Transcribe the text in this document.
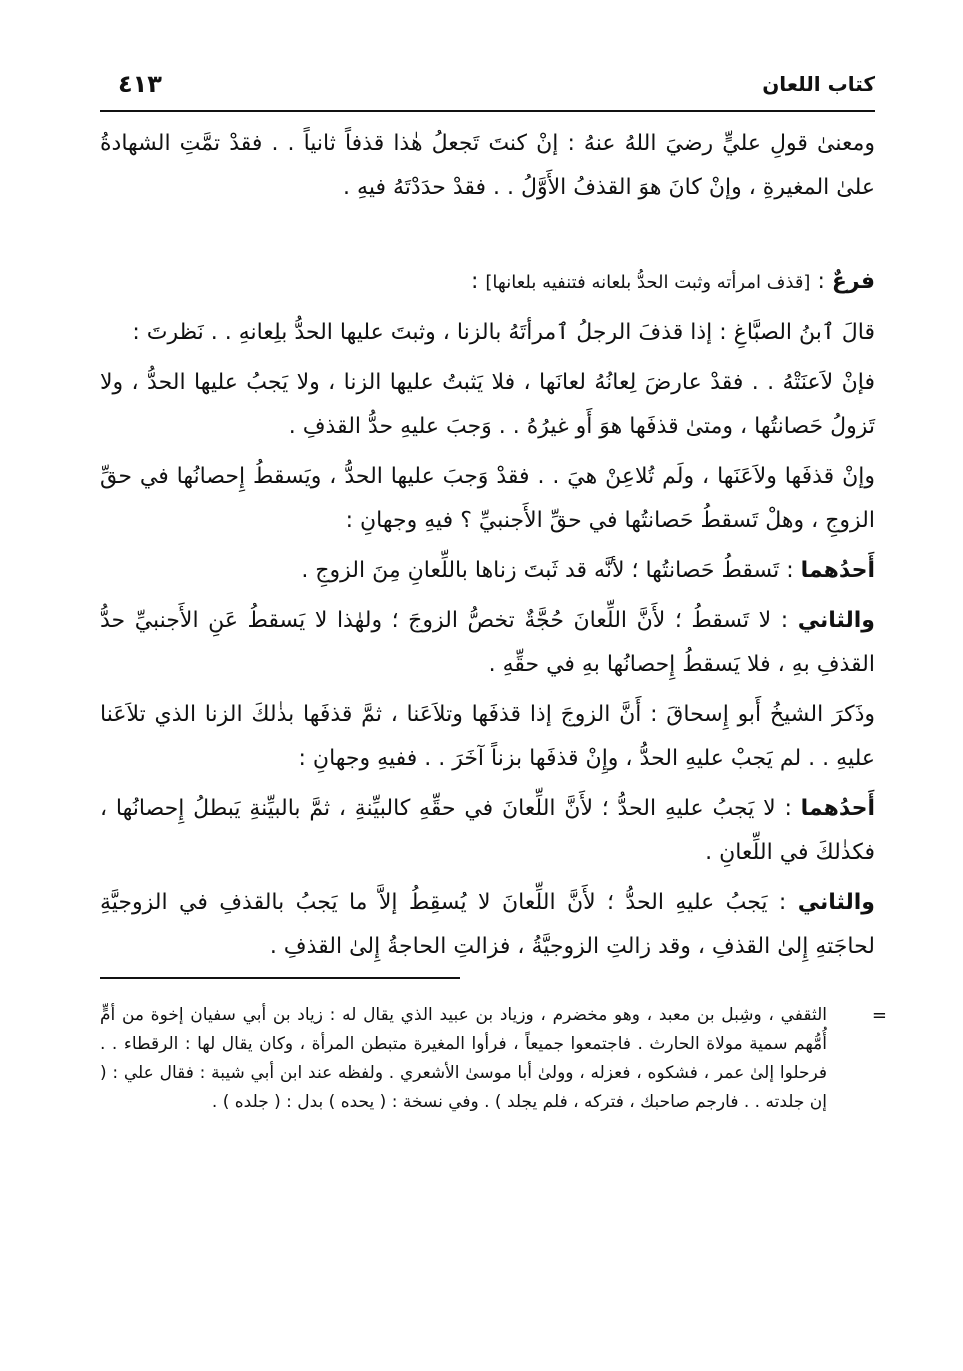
كتاب اللعان
٤١٣

ومعنىٰ قولِ عليٍّ رضيَ اللهُ عنهُ : إنْ كنتَ تَجعلُ هٰذا قذفاً ثانياً . . فقدْ تمَّتِ الشهادةُ علىٰ المغيرةِ ، وإنْ كانَ هوَ القذفُ الأَوَّلُ . . فقدْ حدَدْتَهُ فيهِ .

فرعٌ : [قذف امرأته وثبت الحدُّ بلعانه فتنفيه بلعانها] :

قالَ ٱبنُ الصبَّاغِ : إذا قذفَ الرجلُ ٱمرأتَهُ بالزنا ، وثبتَ عليها الحدُّ بلِعانهِ . . نَظرتَ :

فإنْ لاَعنَتْهُ . . فقدْ عارضَ لِعانُهُ لعانَها ، فلا يَثبتُ عليها الزنا ، ولا يَجبُ عليها الحدُّ ، ولا تَزولُ حَصانتُها ، ومتىٰ قذفَها هوَ أَو غيرُهُ . . وَجبَ عليهِ حدُّ القذفِ .

وإنْ قذفَها ولاَعَنَها ، ولَم تُلاعِنْ هيَ . . فقدْ وَجبَ عليها الحدُّ ، ويَسقطُ إِحصانُها في حقِّ الزوجِ ، وهلْ تَسقطُ حَصانتُها في حقِّ الأَجنبيِّ ؟ فيهِ وجهانِ :

أَحدُهما : تَسقطُ حَصانتُها ؛ لأنَّه قد ثَبتَ زناها باللِّعانِ مِنَ الزوجِ .

والثاني : لا تَسقطُ ؛ لأَنَّ اللِّعانَ حُجَّةٌ تخصُّ الزوجَ ؛ ولهٰذا لا يَسقطُ عَنِ الأَجنبيِّ حدُّ القذفِ بهِ ، فلا يَسقطُ إِحصانُها بهِ في حقِّهِ .

وذَكرَ الشيخُ أَبو إِسحاقَ : أَنَّ الزوجَ إذا قذفَها وتلاَعَنا ، ثمَّ قذفَها بذٰلكَ الزنا الذي تلاَعَنا عليهِ . . لم يَجبْ عليهِ الحدُّ ، وإِنْ قذفَها بزناً آخَرَ . . ففيهِ وجهانِ :

أَحدُهما : لا يَجبُ عليهِ الحدُّ ؛ لأَنَّ اللِّعانَ في حقِّهِ كالبيِّنةِ ، ثمَّ بالبيِّنةِ يَبطلُ إِحصانُها ، فكذٰلكَ في اللِّعانِ .

والثاني : يَجبُ عليهِ الحدُّ ؛ لأَنَّ اللِّعانَ لا يُسقِطُ إلاَّ ما يَجبُ بالقذفِ في الزوجيَّةِ لحاجَتهِ إِلىٰ القذفِ ، وقد زالتِ الزوجيَّةُ ، فزالتِ الحاجةُ إِلىٰ القذفِ .

=
الثقفي ، وشِبل بن معبد ، وهو مخضرم ، وزياد بن عبيد الذي يقال له : زياد بن أبي سفيان إخوة من أمٍّ أُمُّهم سمية مولاة الحارث . فاجتمعوا جميعاً ، فرأوا المغيرة متبطن المرأة ، وكان يقال لها : الرقطاء . . فرحلوا إلىٰ عمر ، فشكوه ، فعزله ، وولىٰ أبا موسىٰ الأشعري . ولفظه عند ابن أبي شيبة : فقال علي : ( إن جلدته . . فارجم صاحبك ، فتركه ، فلم يجلد ) . وفي نسخة : ( يحده ) بدل : ( جلده ) .
